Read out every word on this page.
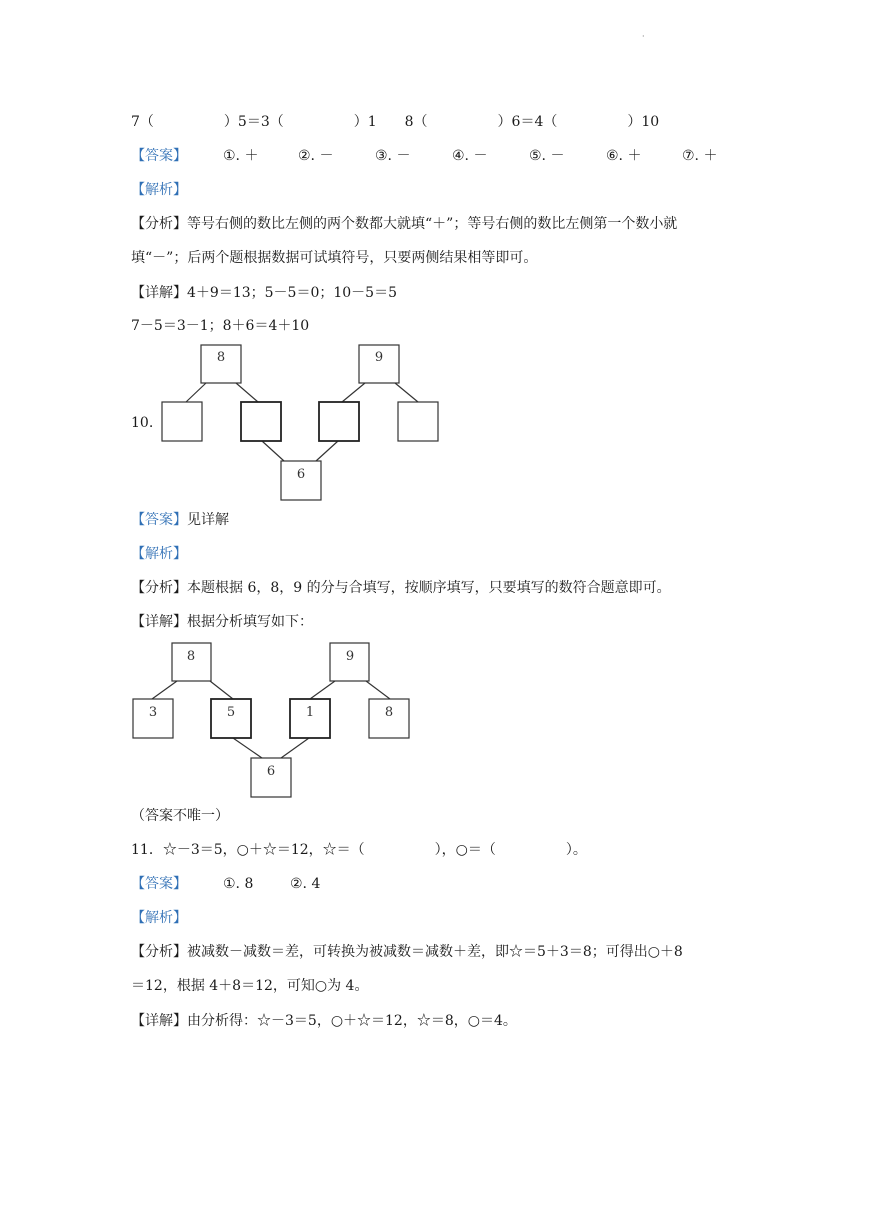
·
7（　　　　　）5＝3（　　　　　）1　　8（　　　　　）6＝4（　　　　　）10
【答案】	①. ＋	②. －	③. －	④. －	⑤. －	⑥. ＋	⑦. ＋
【解析】
【分析】等号右侧的数比左侧的两个数都大就填“＋”；等号右侧的数比左侧第一个数小就
填“－”；后两个题根据数据可试填符号，只要两侧结果相等即可。
【详解】4＋9＝13；5－5＝0；10－5＝5
7－5＝3－1；8＋6＝4＋10
10.
8	9
6
【答案】见详解
【解析】
【分析】本题根据 6，8，9 的分与合填写，按顺序填写，只要填写的数符合题意即可。
【详解】根据分析填写如下：
8	9
3	5	1	8
6
（答案不唯一）
11．☆－3＝5，○＋☆＝12，☆＝（　　　　　），○＝（　　　　　）。
【答案】	①. 8	②. 4
【解析】
【分析】被减数－减数＝差，可转换为被减数＝减数＋差，即☆＝5＋3＝8；可得出○＋8
＝12，根据 4＋8＝12，可知○为 4。
【详解】由分析得：☆－3＝5，○＋☆＝12，☆＝8，○＝4。
